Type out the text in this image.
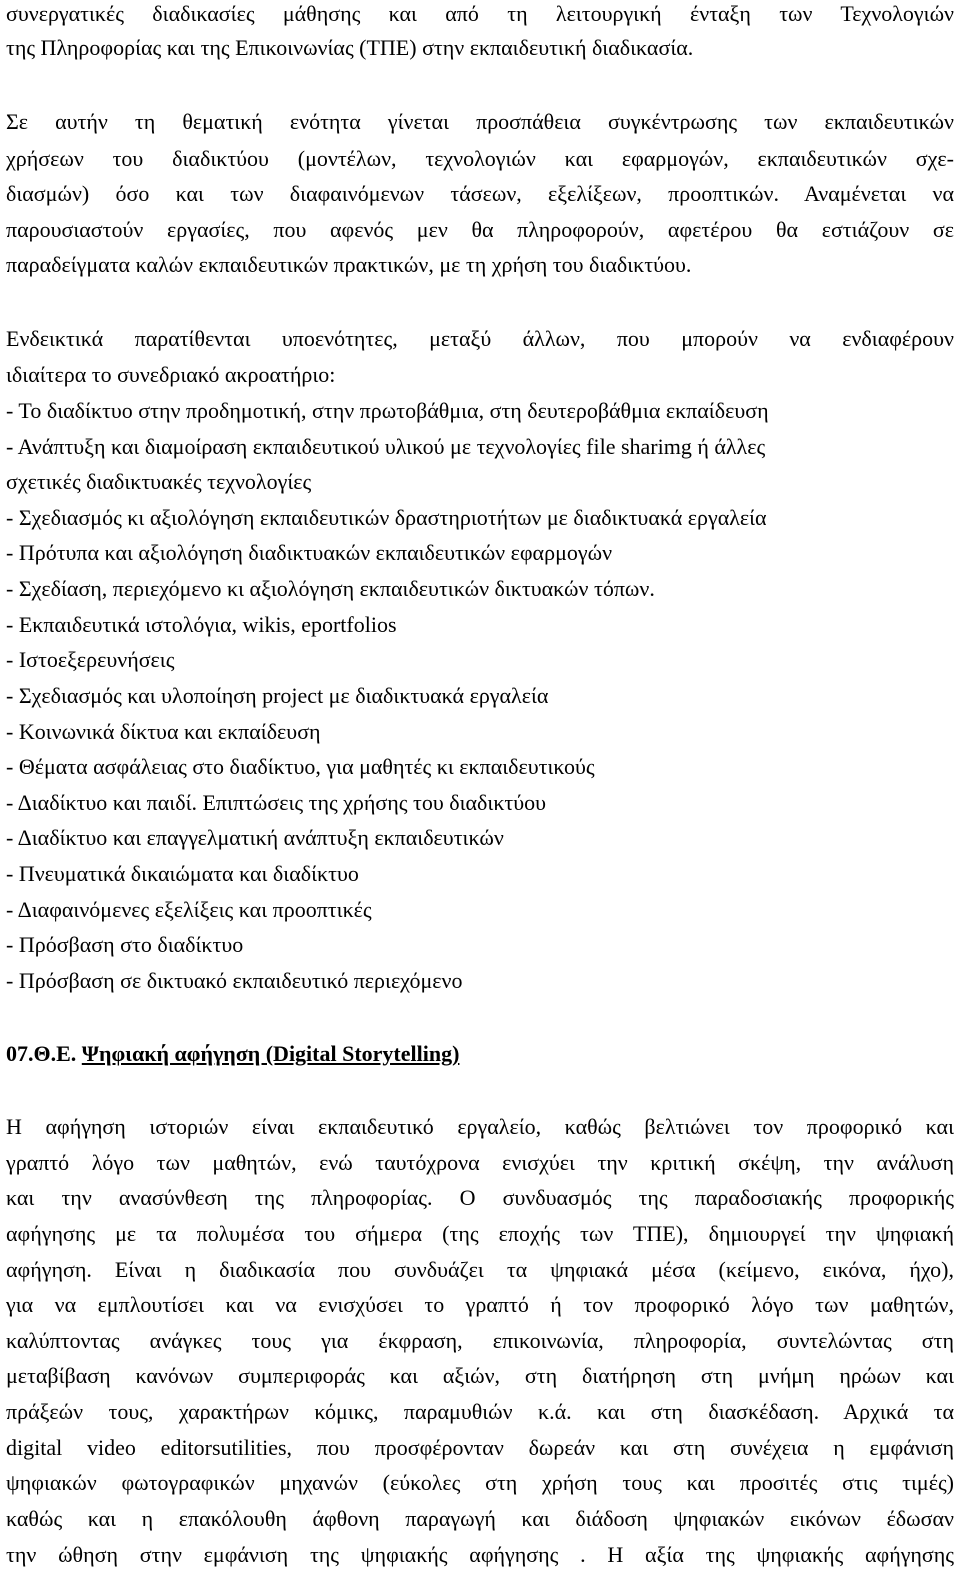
συνεργατικές διαδικασίες μάθησης και από τη λειτουργική ένταξη των Τεχνολογιών
της Πληροφορίας και της Επικοινωνίας (ΤΠΕ) στην εκπαιδευτική διαδικασία.
Σε αυτήν τη θεματική ενότητα γίνεται προσπάθεια συγκέντρωσης των εκπαιδευτικών
χρήσεων του διαδικτύου (μοντέλων, τεχνολογιών και εφαρμογών, εκπαιδευτικών σχε-
διασμών) όσο και των διαφαινόμενων τάσεων, εξελίξεων, προοπτικών. Αναμένεται να
παρουσιαστούν εργασίες, που αφενός μεν θα πληροφορούν, αφετέρου θα εστιάζουν σε
παραδείγματα καλών εκπαιδευτικών πρακτικών, με τη χρήση του διαδικτύου.
Ενδεικτικά παρατίθενται υποενότητες, μεταξύ άλλων, που μπορούν να ενδιαφέρουν
ιδιαίτερα το συνεδριακό ακροατήριο:
- Το διαδίκτυο στην προδημοτική, στην πρωτοβάθμια, στη δευτεροβάθμια εκπαίδευση
- Ανάπτυξη και διαμοίραση εκπαιδευτικού υλικού με τεχνολογίες file sharimg ή άλλες
σχετικές διαδικτυακές τεχνολογίες
- Σχεδιασμός κι αξιολόγηση εκπαιδευτικών δραστηριοτήτων με διαδικτυακά εργαλεία
- Πρότυπα και αξιολόγηση διαδικτυακών εκπαιδευτικών εφαρμογών
- Σχεδίαση, περιεχόμενο κι αξιολόγηση εκπαιδευτικών δικτυακών τόπων.
- Εκπαιδευτικά ιστολόγια, wikis, eportfolios
- Ιστοεξερευνήσεις
- Σχεδιασμός και υλοποίηση project με διαδικτυακά εργαλεία
- Κοινωνικά δίκτυα και εκπαίδευση
- Θέματα ασφάλειας στο διαδίκτυο, για μαθητές κι εκπαιδευτικούς
- Διαδίκτυο και παιδί. Επιπτώσεις της χρήσης του διαδικτύου
- Διαδίκτυο και επαγγελματική ανάπτυξη εκπαιδευτικών
- Πνευματικά δικαιώματα και διαδίκτυο
- Διαφαινόμενες εξελίξεις και προοπτικές
- Πρόσβαση στο διαδίκτυο
- Πρόσβαση σε δικτυακό εκπαιδευτικό περιεχόμενο
07.Θ.Ε. Ψηφιακή αφήγηση (Digital Storytelling)
Η αφήγηση ιστοριών είναι εκπαιδευτικό εργαλείο, καθώς βελτιώνει τον προφορικό και
γραπτό λόγο των μαθητών, ενώ ταυτόχρονα ενισχύει την κριτική σκέψη, την ανάλυση
και την ανασύνθεση της πληροφορίας. Ο συνδυασμός της παραδοσιακής προφορικής
αφήγησης με τα πολυμέσα του σήμερα (της εποχής των ΤΠΕ), δημιουργεί την ψηφιακή
αφήγηση. Είναι η διαδικασία που συνδυάζει τα ψηφιακά μέσα (κείμενο, εικόνα, ήχο),
για να εμπλουτίσει και να ενισχύσει το γραπτό ή τον προφορικό λόγο των μαθητών,
καλύπτοντας ανάγκες τους για έκφραση, επικοινωνία, πληροφορία, συντελώντας στη
μεταβίβαση κανόνων συμπεριφοράς και αξιών, στη διατήρηση στη μνήμη ηρώων και
πράξεών τους, χαρακτήρων κόμικς, παραμυθιών κ.ά. και στη διασκέδαση. Αρχικά τα
digital video editorsutilities, που προσφέρονταν δωρεάν και στη συνέχεια η εμφάνιση
ψηφιακών φωτογραφικών μηχανών (εύκολες στη χρήση τους και προσιτές στις τιμές)
καθώς και η επακόλουθη άφθονη παραγωγή και διάδοση ψηφιακών εικόνων έδωσαν
την ώθηση στην εμφάνιση της ψηφιακής αφήγησης . Η αξία της ψηφιακής αφήγησης
